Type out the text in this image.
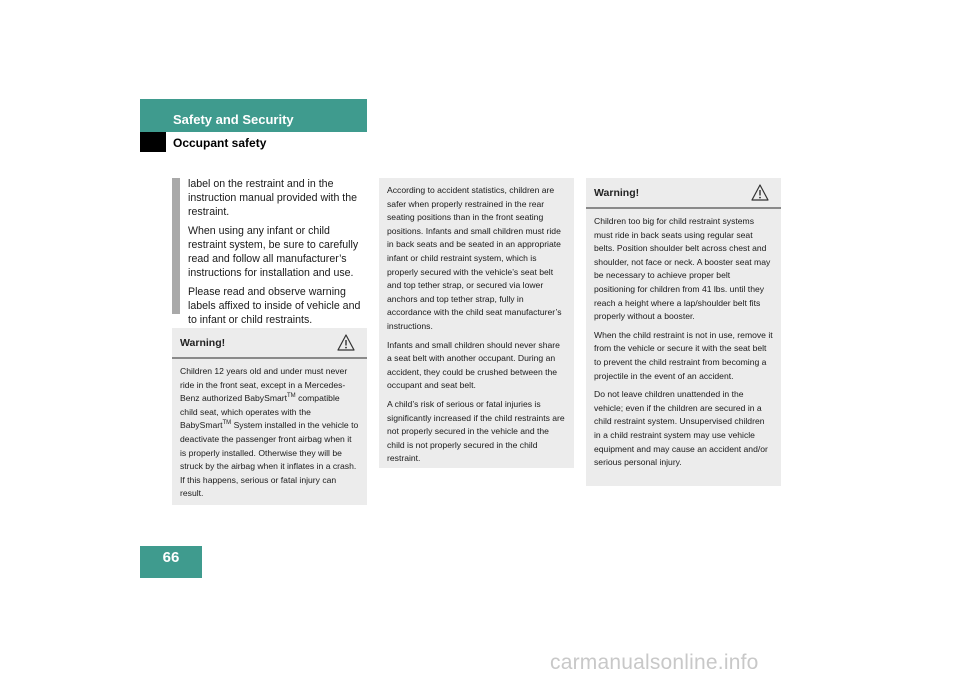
Safety and Security
Occupant safety

label on the restraint and in the instruction manual provided with the restraint.

When using any infant or child restraint system, be sure to carefully read and follow all manufacturer’s instructions for installation and use.

Please read and observe warning labels affixed to inside of vehicle and to infant or child restraints.

Warning!

Children 12 years old and under must never ride in the front seat, except in a Mercedes-Benz authorized BabySmart™ compatible child seat, which operates with the BabySmart™ System installed in the vehicle to deactivate the passenger front airbag when it is properly installed. Otherwise they will be struck by the airbag when it inflates in a crash. If this happens, serious or fatal injury can result.

According to accident statistics, children are safer when properly restrained in the rear seating positions than in the front seating positions. Infants and small children must ride in back seats and be seated in an appropriate infant or child restraint system, which is properly secured with the vehicle’s seat belt and top tether strap, or secured via lower anchors and top tether strap, fully in accordance with the child seat manufacturer’s instructions.

Infants and small children should never share a seat belt with another occupant. During an accident, they could be crushed between the occupant and seat belt.

A child’s risk of serious or fatal injuries is significantly increased if the child restraints are not properly secured in the vehicle and the child is not properly secured in the child restraint.

Warning!

Children too big for child restraint systems must ride in back seats using regular seat belts. Position shoulder belt across chest and shoulder, not face or neck. A booster seat may be necessary to achieve proper belt positioning for children from 41 lbs. until they reach a height where a lap/shoulder belt fits properly without a booster.

When the child restraint is not in use, remove it from the vehicle or secure it with the seat belt to prevent the child restraint from becoming a projectile in the event of an accident.

Do not leave children unattended in the vehicle; even if the children are secured in a child restraint system. Unsupervised children in a child restraint system may use vehicle equipment and may cause an accident and/or serious personal injury.

66
carmanualsonline.info
